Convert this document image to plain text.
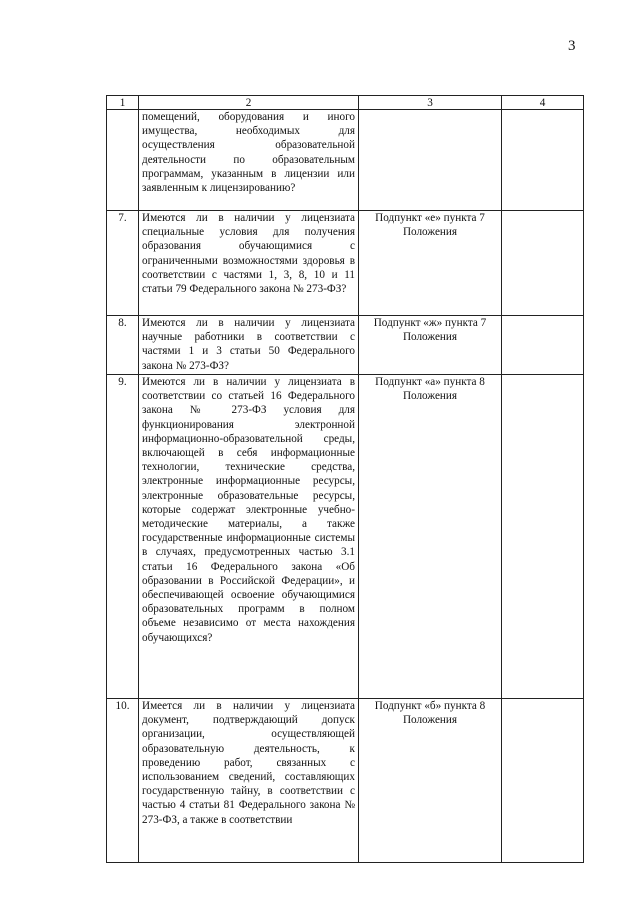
3
1	2	3	4
	помещений, оборудования и иного имущества, необходимых для осуществления образовательной деятельности по образовательным программам, указанным в лицензии или заявленным к лицензированию?		
7.	Имеются ли в наличии у лицензиата специальные условия для получения образования обучающимися с ограниченными возможностями здоровья в соответствии с частями 1, 3, 8, 10 и 11 статьи 79 Федерального закона № 273-ФЗ?	Подпункт «е» пункта 7 Положения	
8.	Имеются ли в наличии у лицензиата научные работники в соответствии с частями 1 и 3 статьи 50 Федерального закона № 273-ФЗ?	Подпункт «ж» пункта 7 Положения	
9.	Имеются ли в наличии у лицензиата в соответствии со статьей 16 Федерального закона № 273-ФЗ условия для функционирования электронной информационно-образовательной среды, включающей в себя информационные технологии, технические средства, электронные информационные ресурсы, электронные образовательные ресурсы, которые содержат электронные учебно-методические материалы, а также государственные информационные системы в случаях, предусмотренных частью 3.1 статьи 16 Федерального закона «Об образовании в Российской Федерации», и обеспечивающей освоение обучающимися образовательных программ в полном объеме независимо от места нахождения обучающихся?	Подпункт «а» пункта 8 Положения	
10.	Имеется ли в наличии у лицензиата документ, подтверждающий допуск организации, осуществляющей образовательную деятельность, к проведению работ, связанных с использованием сведений, составляющих государственную тайну, в соответствии с частью 4 статьи 81 Федерального закона № 273-ФЗ, а также в соответствии	Подпункт «б» пункта 8 Положения	
